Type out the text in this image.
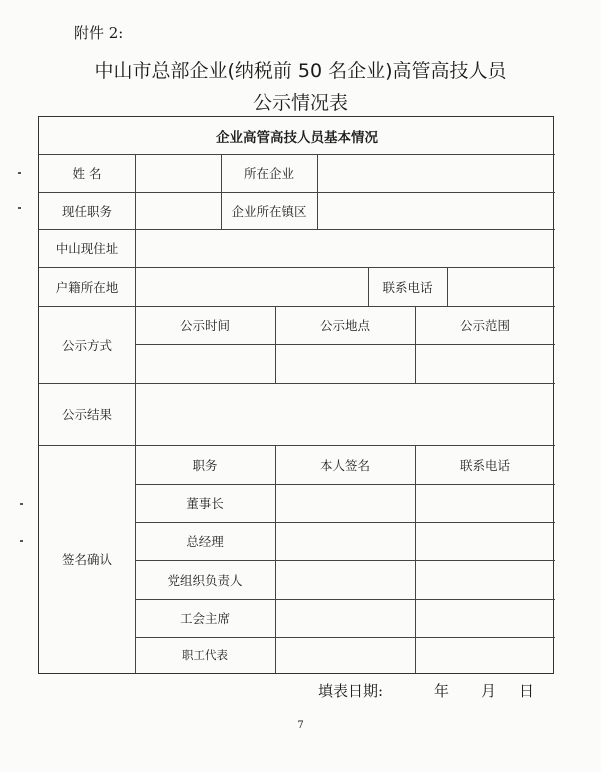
附件 2:
中山市总部企业(纳税前 50 名企业)高管高技人员
公示情况表
企业高管高技人员基本情况
姓 名	所在企业
现任职务	企业所在镇区
中山现住址
户籍所在地	联系电话
公示方式
公示时间	公示地点	公示范围
公示结果
签名确认
职务	本人签名	联系电话
董事长
总经理
党组织负责人
工会主席
职工代表
填表日期:	年 月 日
7
